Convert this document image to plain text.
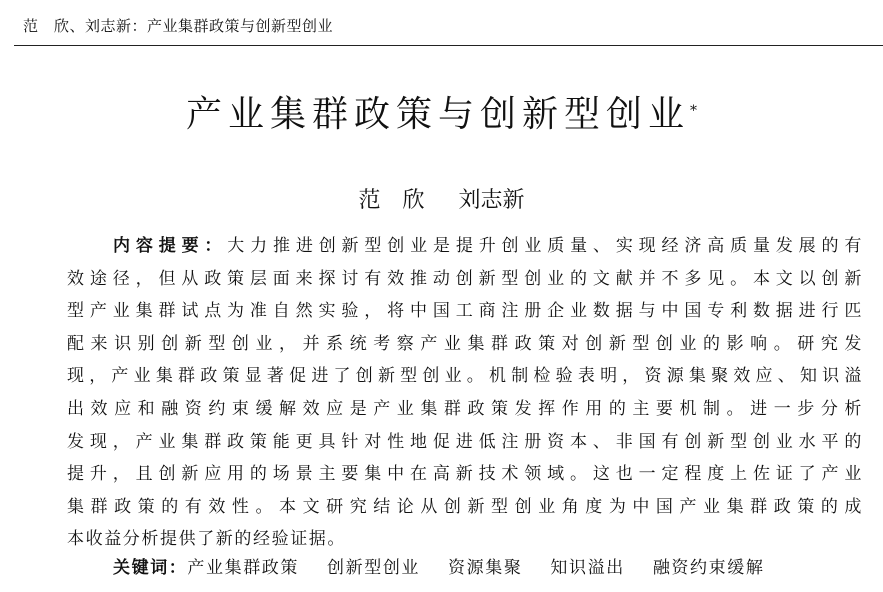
范　欣、刘志新：产业集群政策与创新型创业
产业集群政策与创新型创业*
范　欣 刘志新
内容提要：大力推进创新型创业是提升创业质量、实现经济高质量发展的有
效途径，但从政策层面来探讨有效推动创新型创业的文献并不多见。本文以创新
型产业集群试点为准自然实验，将中国工商注册企业数据与中国专利数据进行匹
配来识别创新型创业，并系统考察产业集群政策对创新型创业的影响。研究发
现，产业集群政策显著促进了创新型创业。机制检验表明，资源集聚效应、知识溢
出效应和融资约束缓解效应是产业集群政策发挥作用的主要机制。进一步分析
发现，产业集群政策能更具针对性地促进低注册资本、非国有创新型创业水平的
提升，且创新应用的场景主要集中在高新技术领域。这也一定程度上佐证了产业
集群政策的有效性。本文研究结论从创新型创业角度为中国产业集群政策的成
本收益分析提供了新的经验证据。
关键词：产业集群政策 创新型创业 资源集聚 知识溢出 融资约束缓解
